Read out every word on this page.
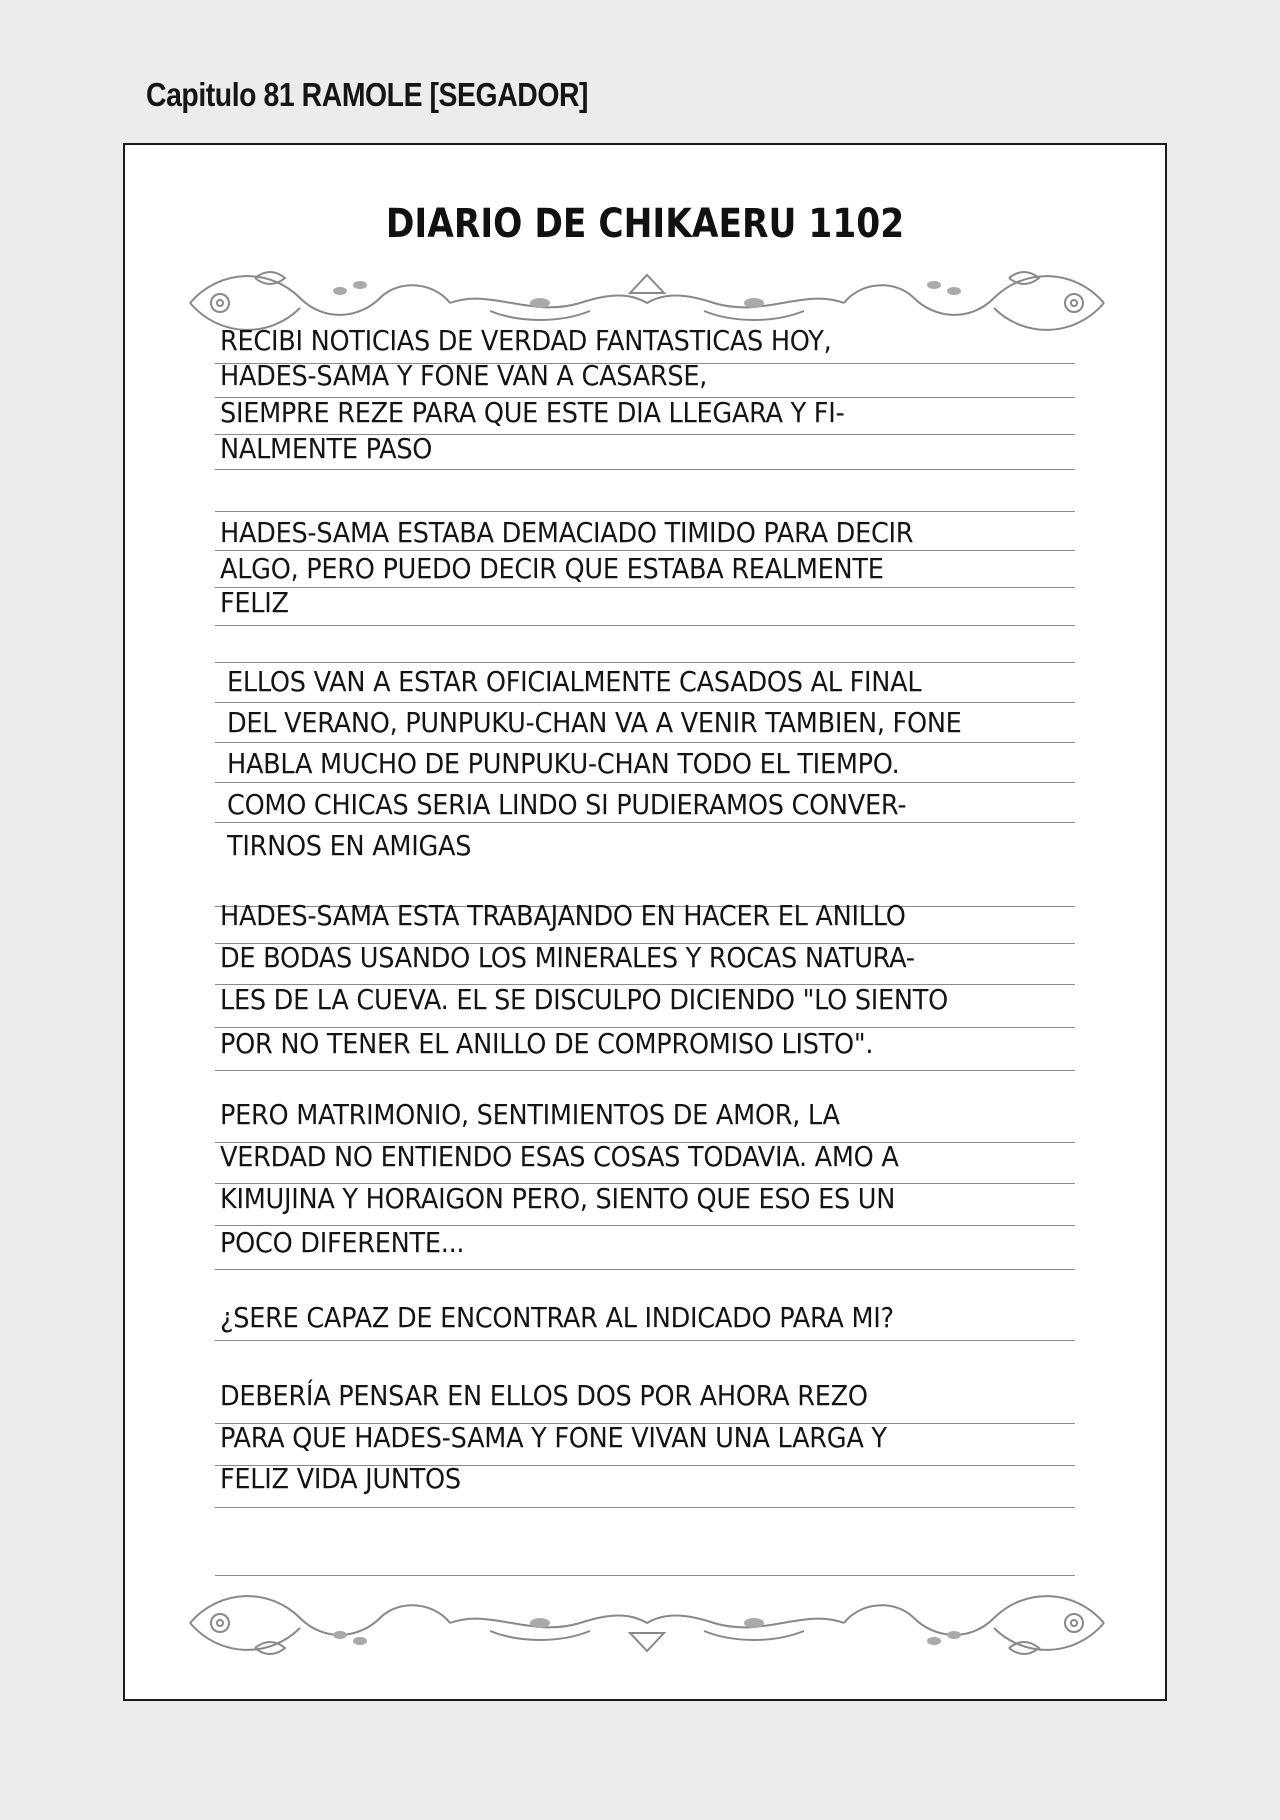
Capitulo 81 RAMOLE [SEGADOR]
DIARIO DE CHIKAERU 1102
RECIBI NOTICIAS DE VERDAD FANTASTICAS HOY,
HADES-SAMA Y FONE VAN A CASARSE,
SIEMPRE REZE PARA QUE ESTE DIA LLEGARA Y FI-
NALMENTE PASO
HADES-SAMA ESTABA DEMACIADO TIMIDO PARA DECIR
ALGO, PERO PUEDO DECIR QUE ESTABA REALMENTE
FELIZ
ELLOS VAN A ESTAR OFICIALMENTE CASADOS AL FINAL
DEL VERANO, PUNPUKU-CHAN VA A VENIR TAMBIEN, FONE
HABLA MUCHO DE PUNPUKU-CHAN TODO EL TIEMPO.
COMO CHICAS SERIA LINDO SI PUDIERAMOS CONVER-
TIRNOS EN AMIGAS
HADES-SAMA ESTA TRABAJANDO EN HACER EL ANILLO
DE BODAS USANDO LOS MINERALES Y ROCAS NATURA-
LES DE LA CUEVA. EL SE DISCULPO DICIENDO "LO SIENTO
POR NO TENER EL ANILLO DE COMPROMISO LISTO".
PERO MATRIMONIO, SENTIMIENTOS DE AMOR, LA
VERDAD NO ENTIENDO ESAS COSAS TODAVIA. AMO A
KIMUJINA Y HORAIGON PERO, SIENTO QUE ESO ES UN
POCO DIFERENTE...
¿SERE CAPAZ DE ENCONTRAR AL INDICADO PARA MI?
DEBERÍA PENSAR EN ELLOS DOS POR AHORA REZO
PARA QUE HADES-SAMA Y FONE VIVAN UNA LARGA Y
FELIZ VIDA JUNTOS
